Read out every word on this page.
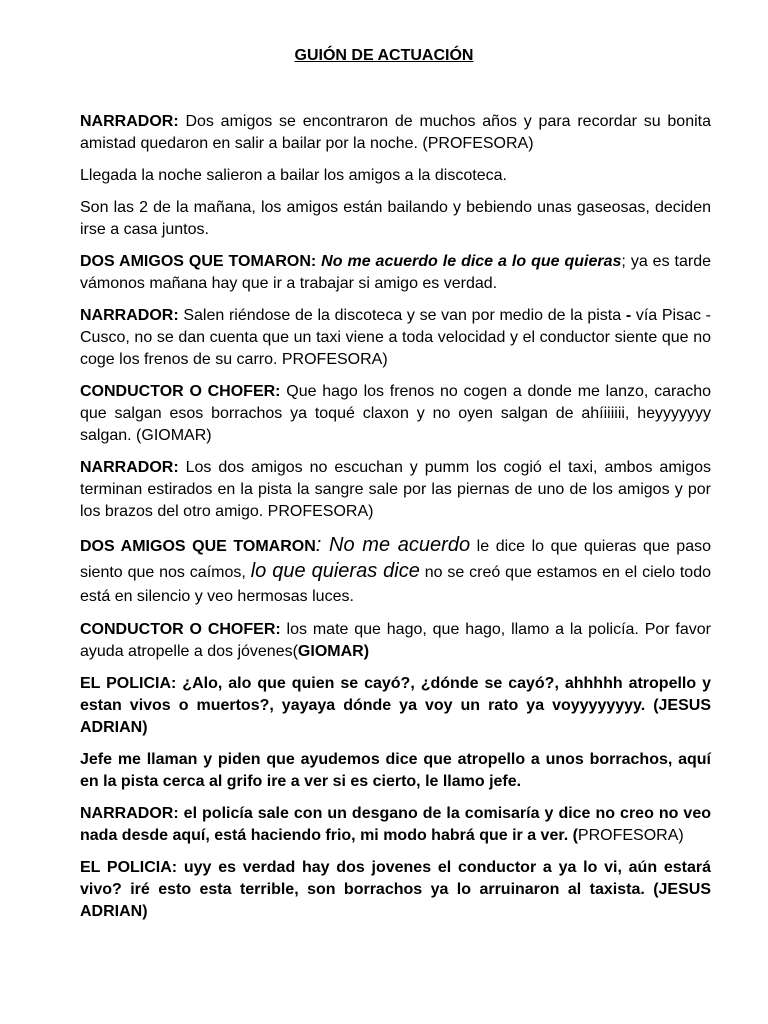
GUIÓN DE ACTUACIÓN

NARRADOR: Dos amigos se encontraron de muchos años y para recordar su bonita amistad quedaron en salir a bailar por la noche. (PROFESORA)

Llegada la noche salieron a bailar los amigos a la discoteca.

Son las 2 de la mañana, los amigos están bailando y bebiendo unas gaseosas, deciden irse a casa juntos.

DOS AMIGOS QUE TOMARON: No me acuerdo le dice a lo que quieras; ya es tarde vámonos mañana hay que ir a trabajar si amigo es verdad.

NARRADOR: Salen riéndose de la discoteca y se van por medio de la pista - vía Pisac - Cusco, no se dan cuenta que un taxi viene a toda velocidad y el conductor siente que no coge los frenos de su carro. PROFESORA)

CONDUCTOR O CHOFER: Que hago los frenos no cogen a donde me lanzo, caracho que salgan esos borrachos ya toqué claxon y no oyen salgan de ahíiiiiii, heyyyyyyy salgan. (GIOMAR)

NARRADOR: Los dos amigos no escuchan y pumm los cogió el taxi, ambos amigos terminan estirados en la pista la sangre sale por las piernas de uno de los amigos y por los brazos del otro amigo. PROFESORA)

DOS AMIGOS QUE TOMARON: No me acuerdo le dice lo que quieras que paso siento que nos caímos, lo que quieras dice no se creó que estamos en el cielo todo está en silencio y veo hermosas luces.

CONDUCTOR O CHOFER: los mate que hago, que hago, llamo a la policía. Por favor ayuda atropelle a dos jóvenes(GIOMAR)

EL POLICIA: ¿Alo, alo que quien se cayó?, ¿dónde se cayó?, ahhhhh atropello y estan vivos o muertos?, yayaya dónde ya voy un rato ya voyyyyyyyy. (JESUS ADRIAN)

Jefe me llaman y piden que ayudemos dice que atropello a unos borrachos, aquí en la pista cerca al grifo ire a ver si es cierto, le llamo jefe.

NARRADOR: el policía sale con un desgano de la comisaría y dice no creo no veo nada desde aquí, está haciendo frio, mi modo habrá que ir a ver. (PROFESORA)

EL POLICIA: uyy es verdad hay dos jovenes el conductor a ya lo vi, aún estará vivo? iré esto esta terrible, son borrachos ya lo arruinaron al taxista. (JESUS ADRIAN)
